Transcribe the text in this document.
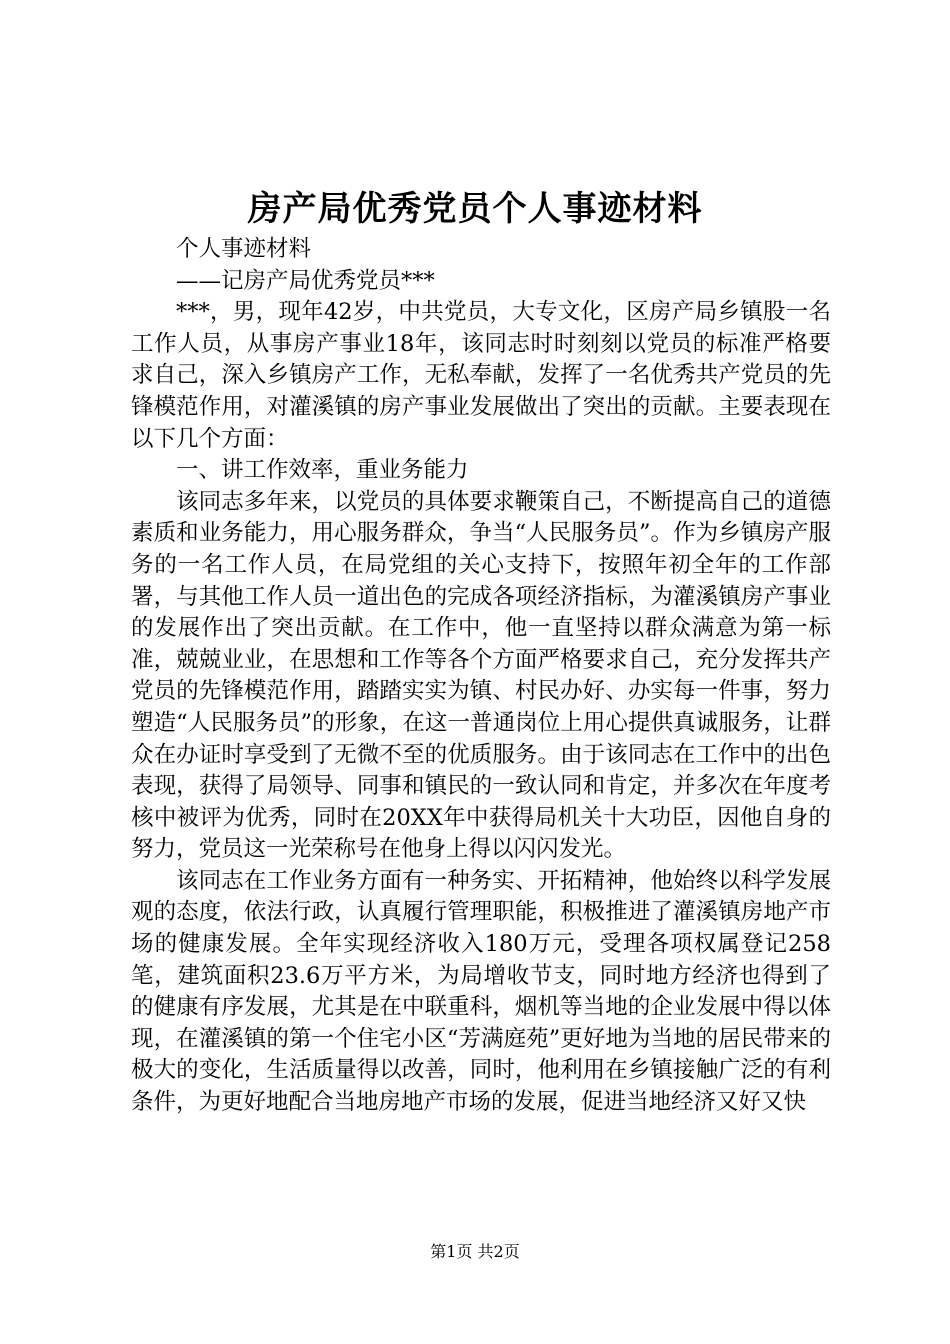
房产局优秀党员个人事迹材料

个人事迹材料

——记房产局优秀党员***

***，男，现年42岁，中共党员，大专文化，区房产局乡镇股一名工作人员，从事房产事业18年，该同志时时刻刻以党员的标准严格要求自己，深入乡镇房产工作，无私奉献，发挥了一名优秀共产党员的先锋模范作用，对灌溪镇的房产事业发展做出了突出的贡献。主要表现在以下几个方面：

一、讲工作效率，重业务能力

该同志多年来，以党员的具体要求鞭策自己，不断提高自己的道德素质和业务能力，用心服务群众，争当“人民服务员”。作为乡镇房产服务的一名工作人员，在局党组的关心支持下，按照年初全年的工作部署，与其他工作人员一道出色的完成各项经济指标，为灌溪镇房产事业的发展作出了突出贡献。在工作中，他一直坚持以群众满意为第一标准，兢兢业业，在思想和工作等各个方面严格要求自己，充分发挥共产党员的先锋模范作用，踏踏实实为镇、村民办好、办实每一件事，努力塑造“人民服务员”的形象，在这一普通岗位上用心提供真诚服务，让群众在办证时享受到了无微不至的优质服务。由于该同志在工作中的出色表现，获得了局领导、同事和镇民的一致认同和肯定，并多次在年度考核中被评为优秀，同时在20XX年中获得局机关十大功臣，因他自身的努力，党员这一光荣称号在他身上得以闪闪发光。

该同志在工作业务方面有一种务实、开拓精神，他始终以科学发展观的态度，依法行政，认真履行管理职能，积极推进了灌溪镇房地产市场的健康发展。全年实现经济收入180万元，受理各项权属登记258笔，建筑面积23.6万平方米，为局增收节支，同时地方经济也得到了的健康有序发展，尤其是在中联重科，烟机等当地的企业发展中得以体现，在灌溪镇的第一个住宅小区“芳满庭苑”更好地为当地的居民带来的极大的变化，生活质量得以改善，同时，他利用在乡镇接触广泛的有利条件，为更好地配合当地房地产市场的发展，促进当地经济又好又快

第1页 共2页
